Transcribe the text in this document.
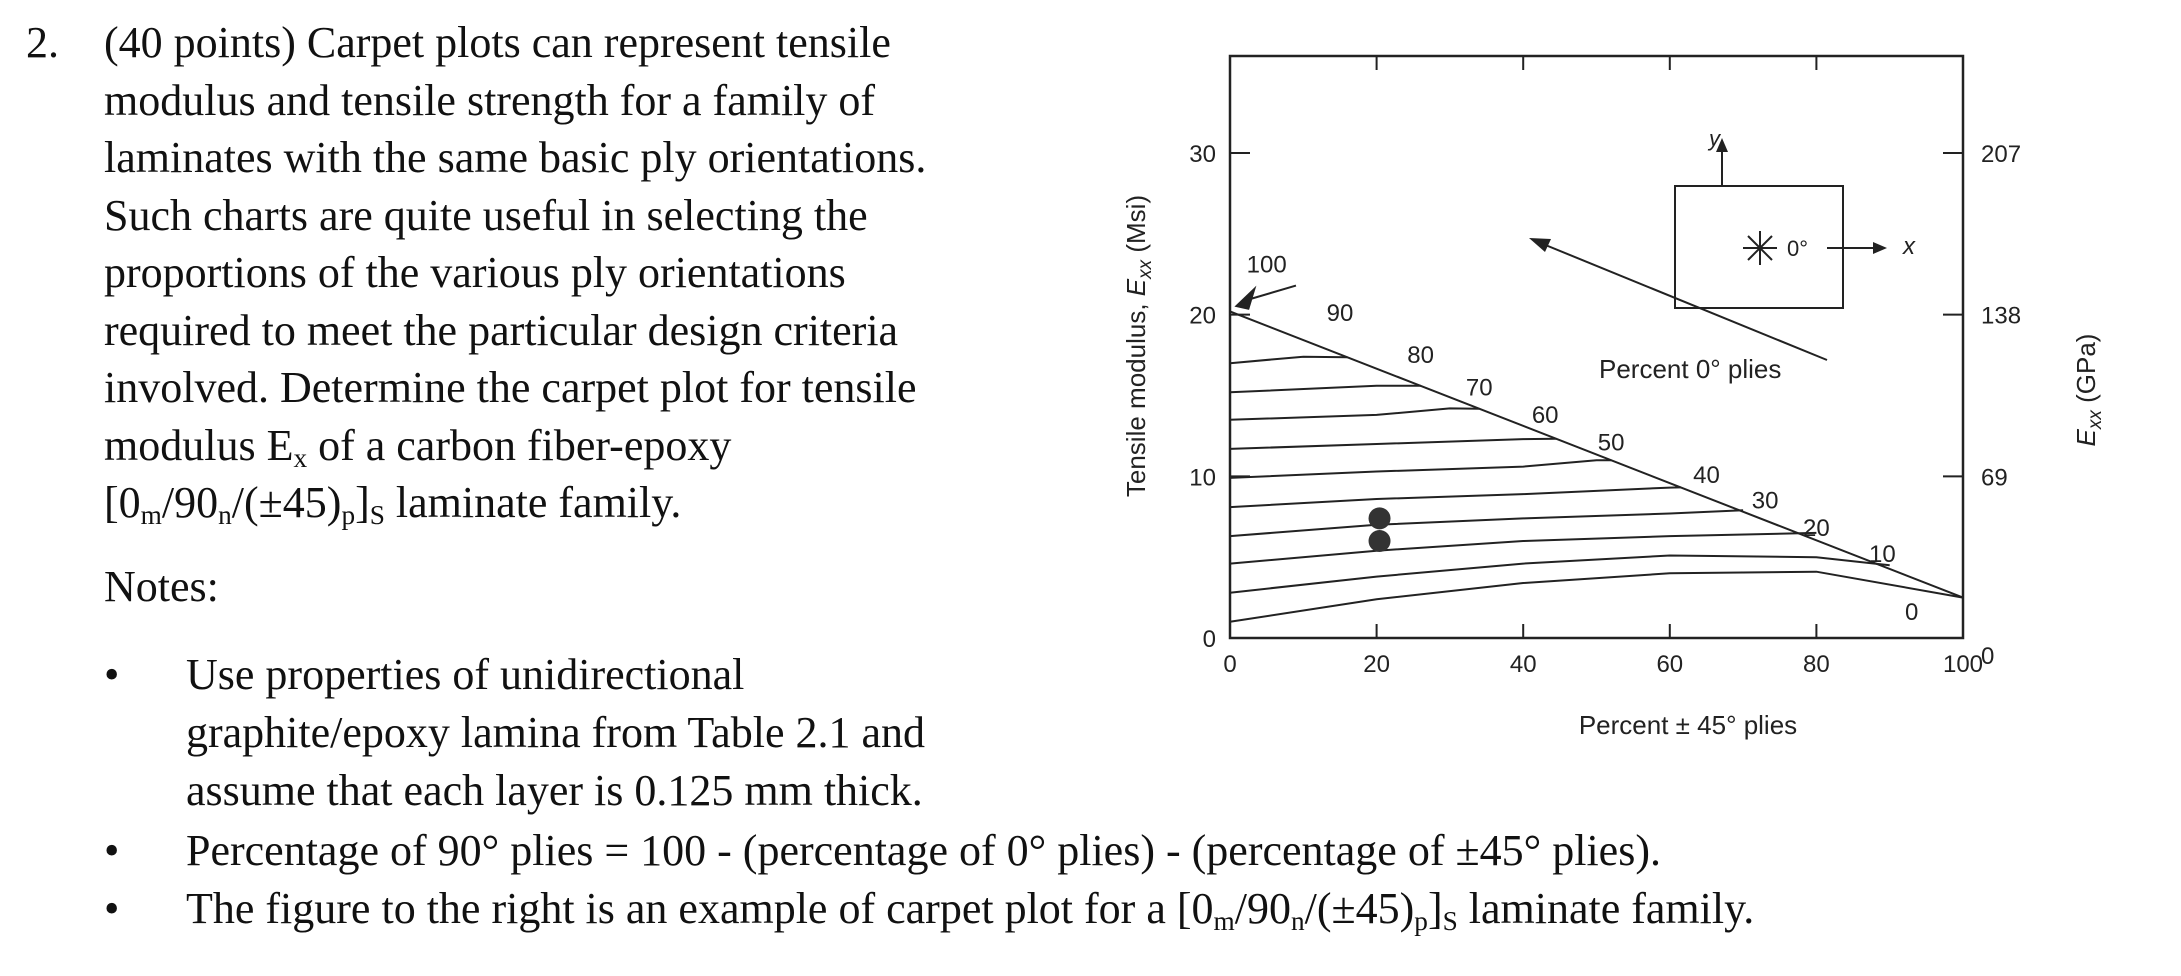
2. (40 points) Carpet plots can represent tensile
modulus and tensile strength for a family of
laminates with the same basic ply orientations.
Such charts are quite useful in selecting the
proportions of the various ply orientations
required to meet the particular design criteria
involved. Determine the carpet plot for tensile
modulus $E_x$ of a carbon fiber-epoxy
$[0_m/90_n/(\pm 45)_p]_S$ laminate family.
Notes:
• Use properties of unidirectional
graphite/epoxy lamina from Table 2.1 and
assume that each layer is 0.125 mm thick.
• Percentage of 90° plies = 100 - (percentage of 0° plies) - (percentage of ±45° plies).
• The figure to the right is an example of carpet plot for a $[0_m/90_n/(\pm 45)_p]_S$ laminate family.
0	20	40	60	80	100
0
10
20
30
0
69
138
207
100
90
80
70
60
50
40
30
20
10
0
y
0°	x
Percent 0° plies
Tensile modulus, $E_{xx}$ (Msi)
$E_{xx}$ (GPa)
Percent ± 45° plies
